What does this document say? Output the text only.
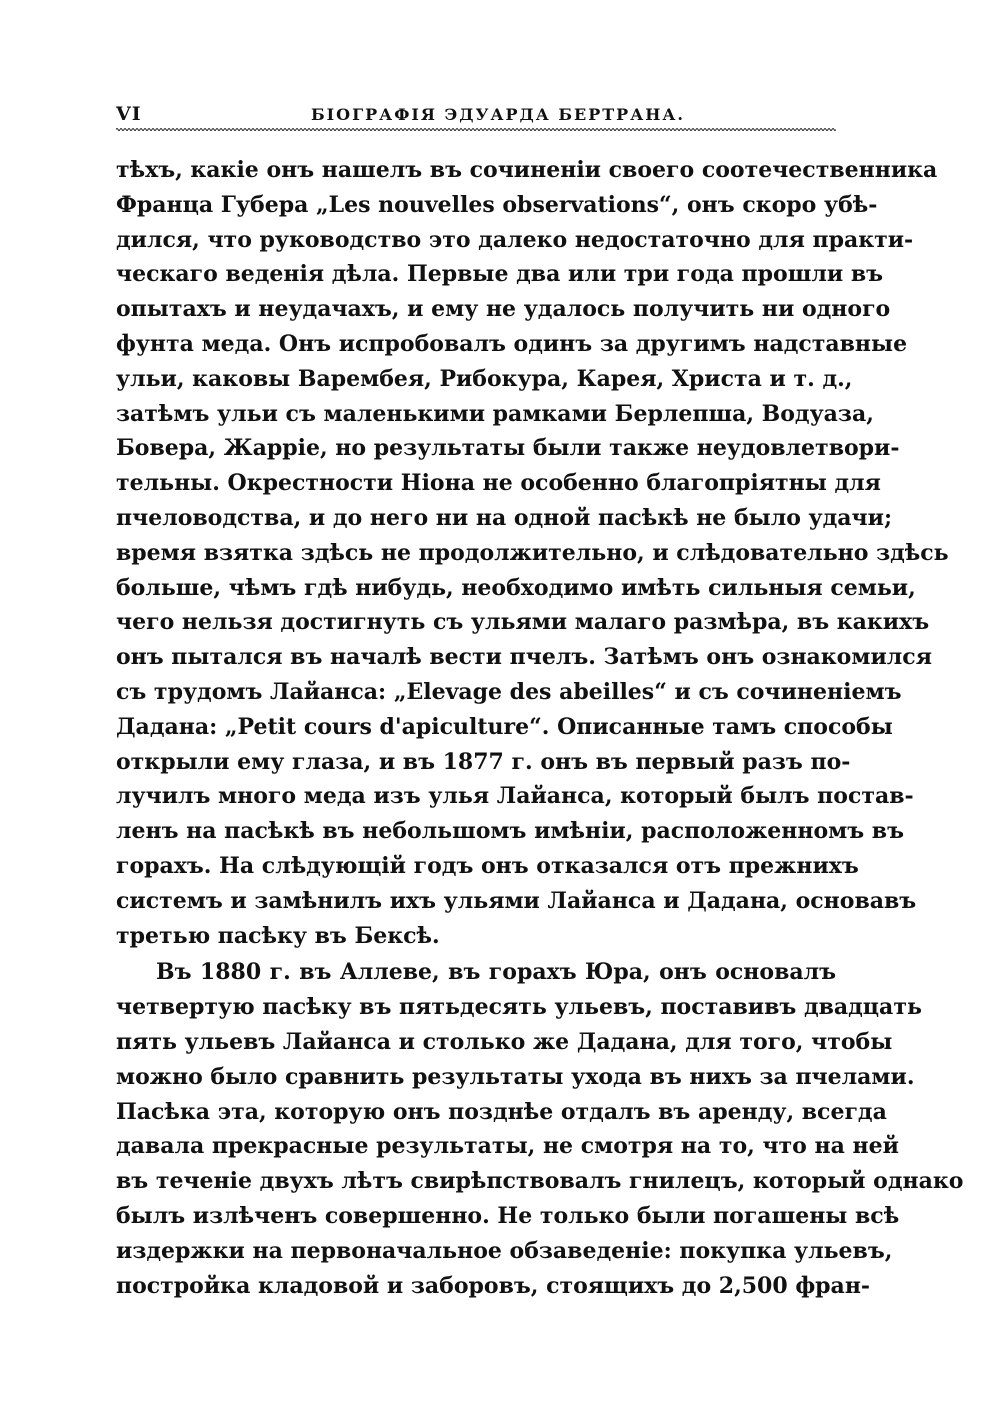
VI	БІОГРАФІЯ ЭДУАРДА БЕРТРАНА.
тѣхъ, какіе онъ нашелъ въ сочиненіи своего соотечественника
Франца Губера „Les nouvelles observations“, онъ скоро убѣ-
дился, что руководство это далеко недостаточно для практи-
ческаго веденія дѣла. Первые два или три года прошли въ
опытахъ и неудачахъ, и ему не удалось получить ни одного
фунта меда. Онъ испробовалъ одинъ за другимъ надставные
ульи, каковы Варембея, Рибокура, Карея, Христа и т. д.,
затѣмъ ульи съ маленькими рамками Берлепша, Водуаза,
Бовера, Жарріе, но результаты были также неудовлетвори-
тельны. Окрестности Ніона не особенно благопріятны для
пчеловодства, и до него ни на одной пасѣкѣ не было удачи;
время взятка здѣсь не продолжительно, и слѣдовательно здѣсь
больше, чѣмъ гдѣ нибудь, необходимо имѣть сильныя семьи,
чего нельзя достигнуть съ ульями малаго размѣра, въ какихъ
онъ пытался въ началѣ вести пчелъ. Затѣмъ онъ ознакомился
съ трудомъ Лайанса: „Elevage des abeilles“ и съ сочиненіемъ
Дадана: „Petit cours d'apiculture“. Описанные тамъ способы
открыли ему глаза, и въ 1877 г. онъ въ первый разъ по-
лучилъ много меда изъ улья Лайанса, который былъ постав-
ленъ на пасѣкѣ въ небольшомъ имѣніи, расположенномъ въ
горахъ. На слѣдующій годъ онъ отказался отъ прежнихъ
системъ и замѣнилъ ихъ ульями Лайанса и Дадана, основавъ
третью пасѣку въ Бексѣ.
Въ 1880 г. въ Аллеве, въ горахъ Юра, онъ основалъ
четвертую пасѣку въ пятьдесять ульевъ, поставивъ двадцать
пять ульевъ Лайанса и столько же Дадана, для того, чтобы
можно было сравнить результаты ухода въ нихъ за пчелами.
Пасѣка эта, которую онъ позднѣе отдалъ въ аренду, всегда
давала прекрасные результаты, не смотря на то, что на ней
въ теченіе двухъ лѣтъ свирѣпствовалъ гнилецъ, который однако
былъ излѣченъ совершенно. Не только были погашены всѣ
издержки на первоначальное обзаведеніе: покупка ульевъ,
постройка кладовой и заборовъ, стоящихъ до 2,500 фран-
